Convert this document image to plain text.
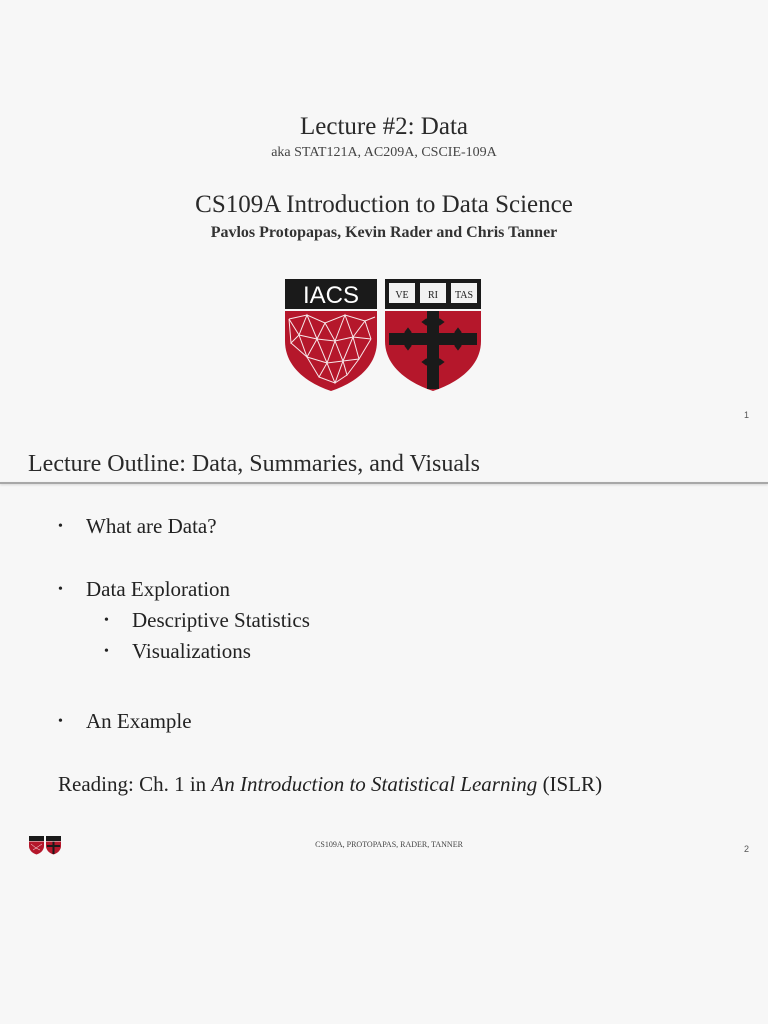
Lecture #2: Data
aka STAT121A, AC209A, CSCIE-109A
CS109A Introduction to Data Science
Pavlos Protopapas, Kevin Rader and Chris Tanner
IACS	VE RI TAS
1
Lecture Outline: Data, Summaries, and Visuals
• What are Data?
• Data Exploration
• Descriptive Statistics
• Visualizations
• An Example
Reading: Ch. 1 in An Introduction to Statistical Learning (ISLR)
CS109A, PROTOPAPAS, RADER, TANNER	2
